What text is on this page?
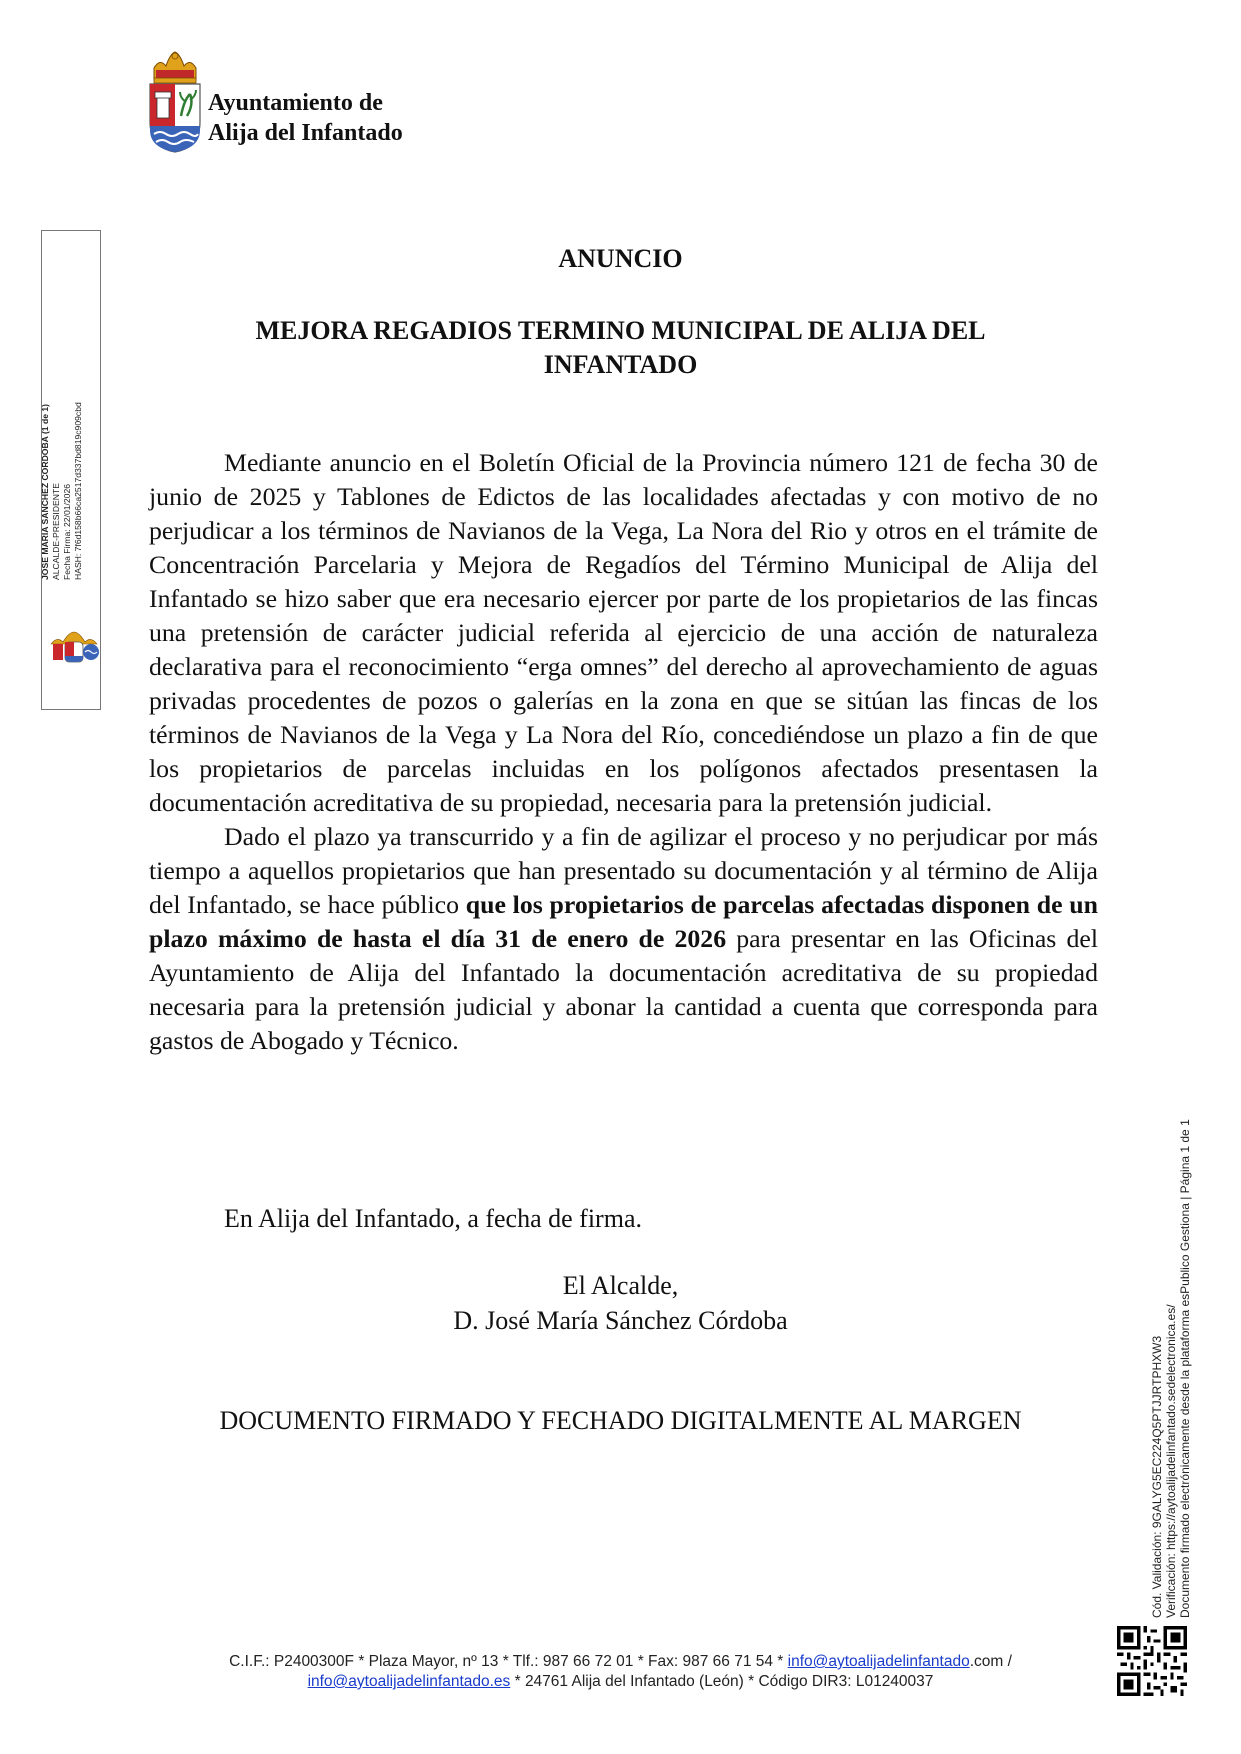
Ayuntamiento de
Alija del Infantado
JOSE MARIA SANCHEZ CORDOBA (1 de 1) ALCALDE-PRESIDENTE Fecha Firma: 22/01/2026 HASH: 7f6d158b66ca2517d337bd819c909cbd
ANUNCIO
MEJORA REGADIOS TERMINO MUNICIPAL DE ALIJA DEL
INFANTADO

Mediante anuncio en el Boletín Oficial de la Provincia número 121 de fecha 30 de junio de 2025 y Tablones de Edictos de las localidades afectadas y con motivo de no perjudicar a los términos de Navianos de la Vega, La Nora del Rio y otros en el trámite de Concentración Parcelaria y Mejora de Regadíos del Término Municipal de Alija del Infantado se hizo saber que era necesario ejercer por parte de los propietarios de las fincas una pretensión de carácter judicial referida al ejercicio de una acción de naturaleza declarativa para el reconocimiento “erga omnes” del derecho al aprovechamiento de aguas privadas procedentes de pozos o galerías en la zona en que se sitúan las fincas de los términos de Navianos de la Vega y La Nora del Río, concediéndose un plazo a fin de que los propietarios de parcelas incluidas en los polígonos afectados presentasen la documentación acreditativa de su propiedad, necesaria para la pretensión judicial.

Dado el plazo ya transcurrido y a fin de agilizar el proceso y no perjudicar por más tiempo a aquellos propietarios que han presentado su documentación y al término de Alija del Infantado, se hace público que los propietarios de parcelas afectadas disponen de un plazo máximo de hasta el día 31 de enero de 2026 para presentar en las Oficinas del Ayuntamiento de Alija del Infantado la documentación acreditativa de su propiedad necesaria para la pretensión judicial y abonar la cantidad a cuenta que corresponda para gastos de Abogado y Técnico.

En Alija del Infantado, a fecha de firma.
El Alcalde,
D. José María Sánchez Córdoba
DOCUMENTO FIRMADO Y FECHADO DIGITALMENTE AL MARGEN	Cód. Validación: 9GALYG5EC224Q5PTJJRTPHXW3 Verificación: https://aytoalijadelinfantado.sedelectronica.es/ Documento firmado electrónicamente desde la plataforma esPublico Gestiona | Página 1 de 1
C.I.F.: P2400300F * Plaza Mayor, nº 13 * Tlf.: 987 66 72 01 * Fax: 987 66 71 54 * info@aytoalijadelinfantado.com /
info@aytoalijadelinfantado.es * 24761 Alija del Infantado (León) * Código DIR3: L01240037
